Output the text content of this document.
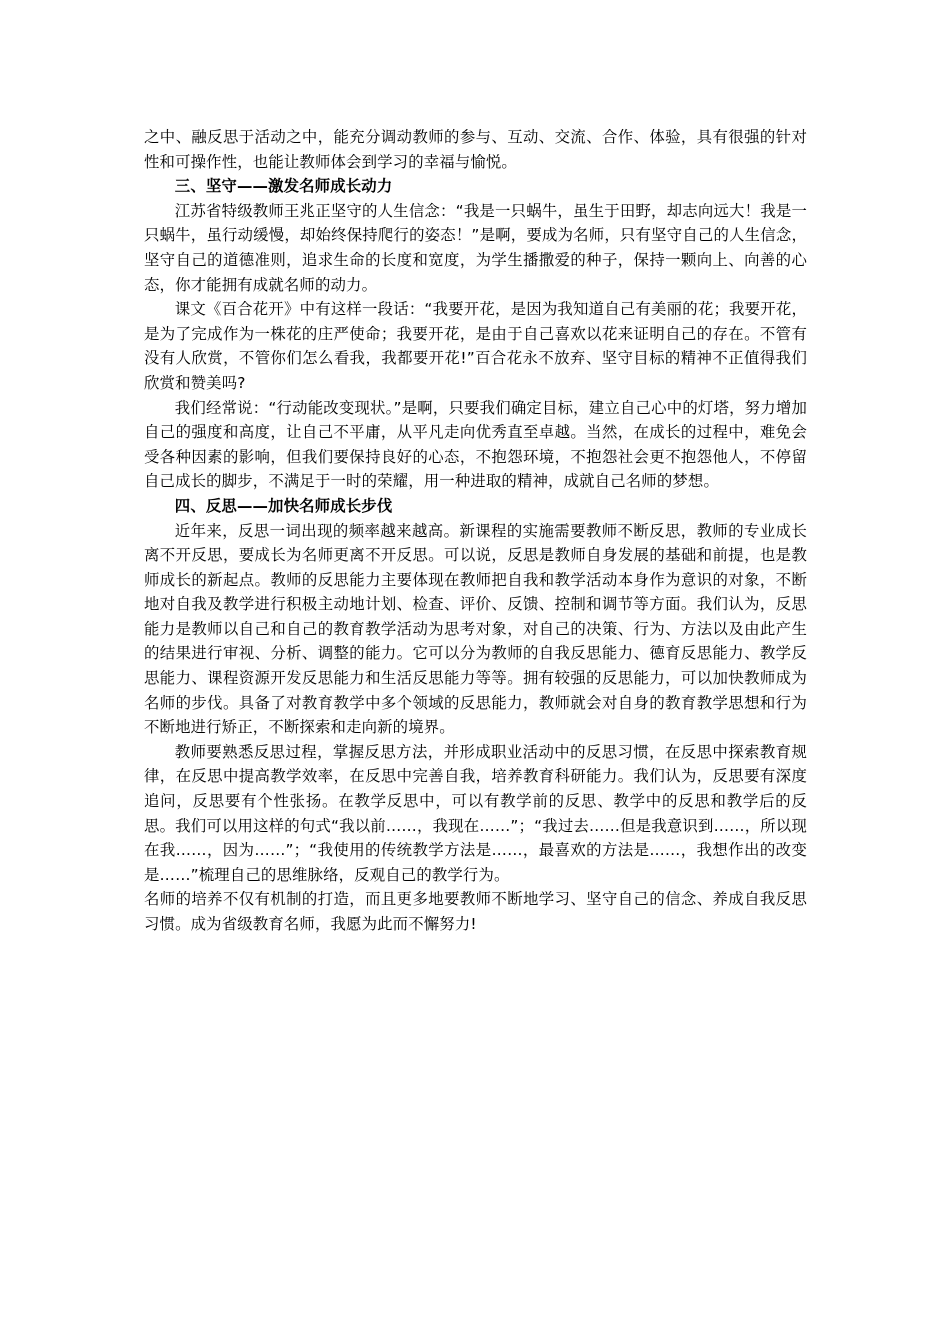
之中、融反思于活动之中，能充分调动教师的参与、互动、交流、合作、体验，具有很强的针对性和可操作性，也能让教师体会到学习的幸福与愉悦。

三、坚守——激发名师成长动力

江苏省特级教师王兆正坚守的人生信念：“我是一只蜗牛，虽生于田野，却志向远大！我是一只蜗牛，虽行动缓慢，却始终保持爬行的姿态！”是啊，要成为名师，只有坚守自己的人生信念，坚守自己的道德准则，追求生命的长度和宽度，为学生播撒爱的种子，保持一颗向上、向善的心态，你才能拥有成就名师的动力。

课文《百合花开》中有这样一段话：“我要开花，是因为我知道自己有美丽的花；我要开花，是为了完成作为一株花的庄严使命；我要开花，是由于自己喜欢以花来证明自己的存在。不管有没有人欣赏，不管你们怎么看我，我都要开花!”百合花永不放弃、坚守目标的精神不正值得我们欣赏和赞美吗?

我们经常说：“行动能改变现状。”是啊，只要我们确定目标，建立自己心中的灯塔，努力增加自己的强度和高度，让自己不平庸，从平凡走向优秀直至卓越。当然，在成长的过程中，难免会受各种因素的影响，但我们要保持良好的心态，不抱怨环境，不抱怨社会更不抱怨他人，不停留自己成长的脚步，不满足于一时的荣耀，用一种进取的精神，成就自己名师的梦想。

四、反思——加快名师成长步伐

近年来，反思一词出现的频率越来越高。新课程的实施需要教师不断反思，教师的专业成长离不开反思，要成长为名师更离不开反思。可以说，反思是教师自身发展的基础和前提，也是教师成长的新起点。教师的反思能力主要体现在教师把自我和教学活动本身作为意识的对象，不断地对自我及教学进行积极主动地计划、检查、评价、反馈、控制和调节等方面。我们认为，反思能力是教师以自己和自己的教育教学活动为思考对象，对自己的决策、行为、方法以及由此产生的结果进行审视、分析、调整的能力。它可以分为教师的自我反思能力、德育反思能力、教学反思能力、课程资源开发反思能力和生活反思能力等等。拥有较强的反思能力，可以加快教师成为名师的步伐。具备了对教育教学中多个领域的反思能力，教师就会对自身的教育教学思想和行为不断地进行矫正，不断探索和走向新的境界。

教师要熟悉反思过程，掌握反思方法，并形成职业活动中的反思习惯，在反思中探索教育规律，在反思中提高教学效率，在反思中完善自我，培养教育科研能力。我们认为，反思要有深度追问，反思要有个性张扬。在教学反思中，可以有教学前的反思、教学中的反思和教学后的反思。我们可以用这样的句式“我以前……，我现在……”；“我过去……但是我意识到……，所以现在我……，因为……”；“我使用的传统教学方法是……，最喜欢的方法是……，我想作出的改变是……”梳理自己的思维脉络，反观自己的教学行为。

名师的培养不仅有机制的打造，而且更多地要教师不断地学习、坚守自己的信念、养成自我反思习惯。成为省级教育名师，我愿为此而不懈努力!
